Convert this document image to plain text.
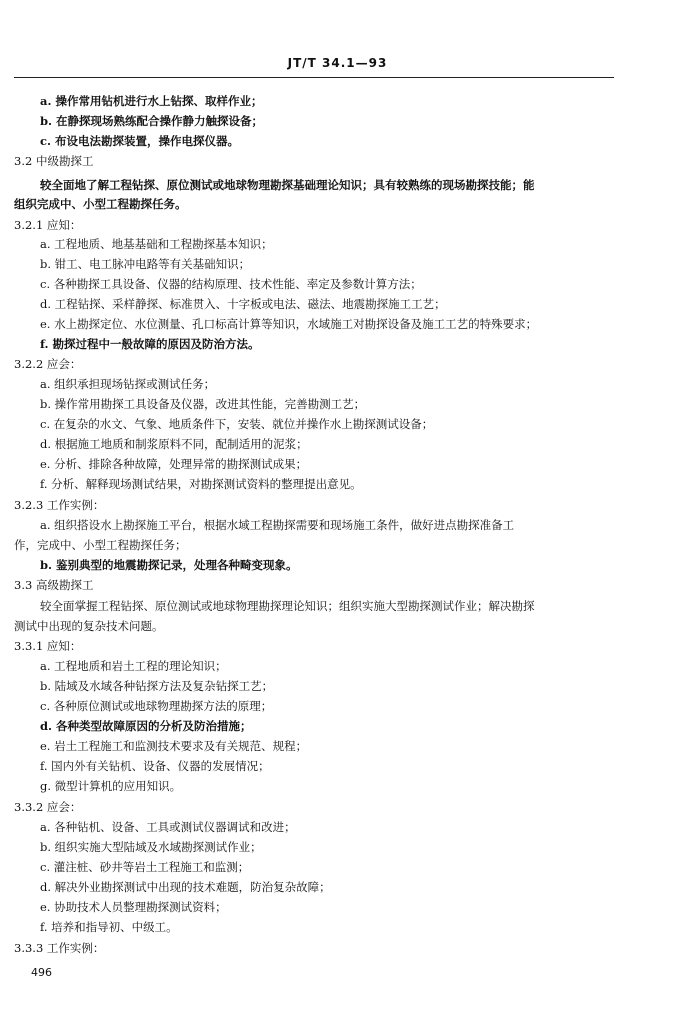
JT/T 34.1—93
a. 操作常用钻机进行水上钻探、取样作业；
b. 在静探现场熟练配合操作静力触探设备；
c. 布设电法勘探装置，操作电探仪器。
3.2 中级勘探工
较全面地了解工程钻探、原位测试或地球物理勘探基础理论知识；具有较熟练的现场勘探技能；能
组织完成中、小型工程勘探任务。
3.2.1 应知：
a. 工程地质、地基基础和工程勘探基本知识；
b. 钳工、电工脉冲电路等有关基础知识；
c. 各种勘探工具设备、仪器的结构原理、技术性能、率定及参数计算方法；
d. 工程钻探、采样静探、标准贯入、十字板或电法、磁法、地震勘探施工工艺；
e. 水上勘探定位、水位测量、孔口标高计算等知识，水域施工对勘探设备及施工工艺的特殊要求；
f. 勘探过程中一般故障的原因及防治方法。
3.2.2 应会：
a. 组织承担现场钻探或测试任务；
b. 操作常用勘探工具设备及仪器，改进其性能，完善勘测工艺；
c. 在复杂的水文、气象、地质条件下，安装、就位并操作水上勘探测试设备；
d. 根据施工地质和制浆原料不同，配制适用的泥浆；
e. 分析、排除各种故障，处理异常的勘探测试成果；
f. 分析、解释现场测试结果，对勘探测试资料的整理提出意见。
3.2.3 工作实例：
a. 组织搭设水上勘探施工平台，根据水域工程勘探需要和现场施工条件，做好进点勘探准备工
作，完成中、小型工程勘探任务；
b. 鉴别典型的地震勘探记录，处理各种畸变现象。
3.3 高级勘探工
较全面掌握工程钻探、原位测试或地球物理勘探理论知识；组织实施大型勘探测试作业；解决勘探
测试中出现的复杂技术问题。
3.3.1 应知：
a. 工程地质和岩土工程的理论知识；
b. 陆域及水域各种钻探方法及复杂钻探工艺；
c. 各种原位测试或地球物理勘探方法的原理；
d. 各种类型故障原因的分析及防治措施；
e. 岩土工程施工和监测技术要求及有关规范、规程；
f. 国内外有关钻机、设备、仪器的发展情况；
g. 微型计算机的应用知识。
3.3.2 应会：
a. 各种钻机、设备、工具或测试仪器调试和改进；
b. 组织实施大型陆域及水域勘探测试作业；
c. 灌注桩、砂井等岩土工程施工和监测；
d. 解决外业勘探测试中出现的技术难题，防治复杂故障；
e. 协助技术人员整理勘探测试资料；
f. 培养和指导初、中级工。
3.3.3 工作实例：
496
